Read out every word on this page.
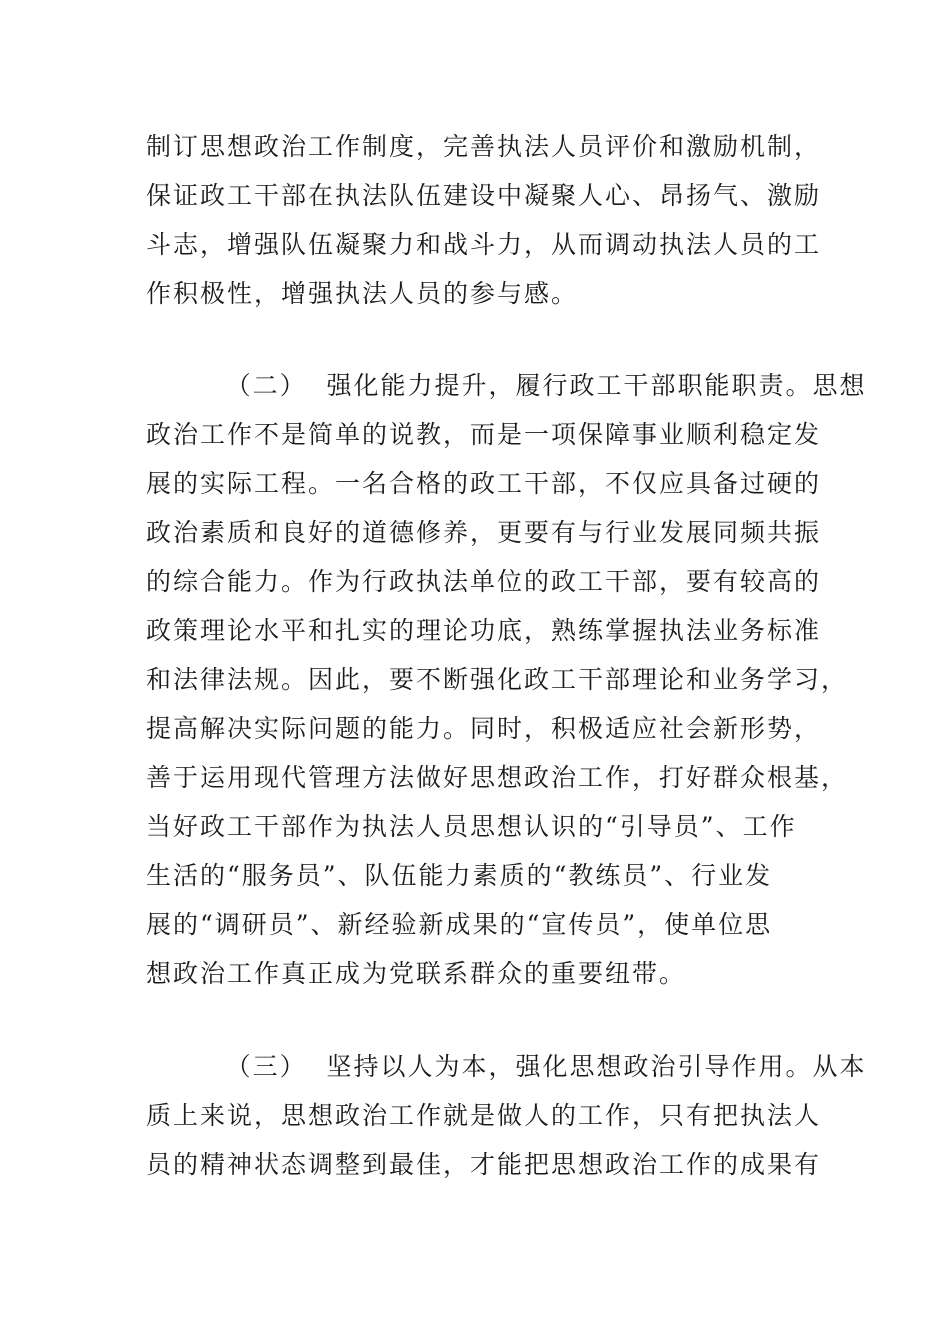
制订思想政治工作制度，完善执法人员评价和激励机制，
保证政工干部在执法队伍建设中凝聚人心、昂扬气、激励
斗志，增强队伍凝聚力和战斗力，从而调动执法人员的工
作积极性，增强执法人员的参与感。
（二）  强化能力提升，履行政工干部职能职责。思想
政治工作不是简单的说教，而是一项保障事业顺利稳定发
展的实际工程。一名合格的政工干部，不仅应具备过硬的
政治素质和良好的道德修养，更要有与行业发展同频共振
的综合能力。作为行政执法单位的政工干部，要有较高的
政策理论水平和扎实的理论功底，熟练掌握执法业务标准
和法律法规。因此，要不断强化政工干部理论和业务学习，
提高解决实际问题的能力。同时，积极适应社会新形势，
善于运用现代管理方法做好思想政治工作，打好群众根基，
当好政工干部作为执法人员思想认识的“引导员”、工作
生活的“服务员”、队伍能力素质的“教练员”、行业发
展的“调研员”、新经验新成果的“宣传员”，使单位思
想政治工作真正成为党联系群众的重要纽带。
（三）  坚持以人为本，强化思想政治引导作用。从本
质上来说，思想政治工作就是做人的工作，只有把执法人
员的精神状态调整到最佳，才能把思想政治工作的成果有
